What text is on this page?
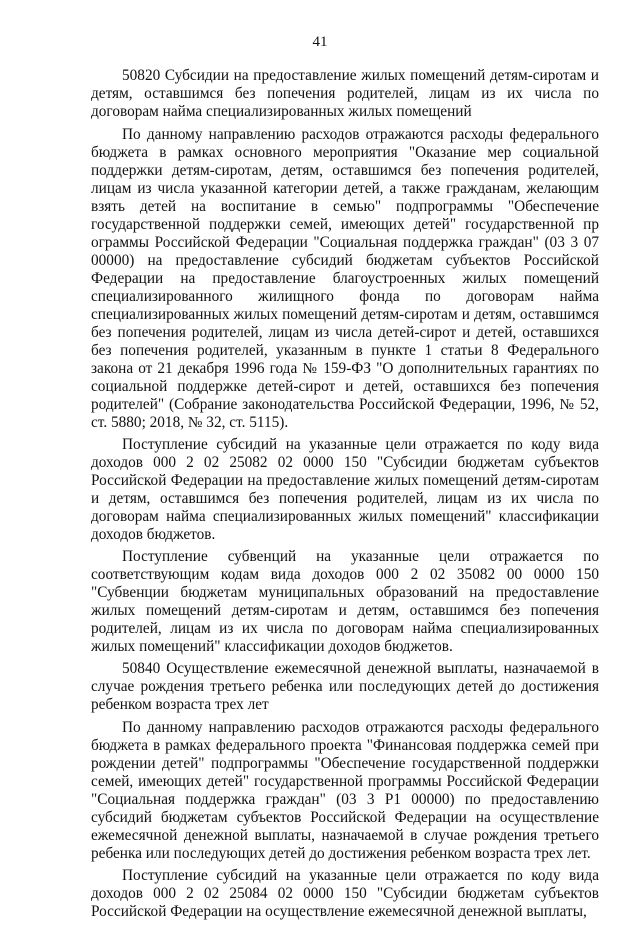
41

50820 Субсидии на предоставление жилых помещений детям-сиротам и детям, оставшимся без попечения родителей, лицам из их числа по договорам найма специализированных жилых помещений

По данному направлению расходов отражаются расходы федерального бюджета в рамках основного мероприятия "Оказание мер социальной поддержки детям-сиротам, детям, оставшимся без попечения родителей, лицам из числа указанной категории детей, а также гражданам, желающим взять детей на воспитание в семью" подпрограммы "Обеспечение государственной поддержки семей, имеющих детей" государственной пр огрaммы Российской Федерации "Социальная поддержка граждан" (03 3 07 00000) на предоставление субсидий бюджетам субъектов Российской Федерации на предоставление благоустроенных жилых помещений специализированного жилищного фонда по договорам найма специализированных жилых помещений детям-сиротам и детям, оставшимся без попечения родителей, лицам из числа детей-сирот и детей, оставшихся без попечения родителей, указанным в пункте 1 статьи 8 Федерального закона от 21 декабря 1996 года № 159-ФЗ "О дополнительных гарантиях по социальной поддержке детей-сирот и детей, оставшихся без попечения родителей" (Собрание законодательства Российской Федерации, 1996, № 52, ст. 5880; 2018, № 32, ст. 5115).

Поступление субсидий на указанные цели отражается по коду вида доходов 000 2 02 25082 02 0000 150 "Субсидии бюджетам субъектов Российской Федерации на предоставление жилых помещений детям-сиротам и детям, оставшимся без попечения родителей, лицам из их числа по договорам найма специализированных жилых помещений" классификации доходов бюджетов.

Поступление субвенций на указанные цели отражается по соответствующим кодам вида доходов 000 2 02 35082 00 0000 150 "Субвенции бюджетам муниципальных образований на предоставление жилых помещений детям-сиротам и детям, оставшимся без попечения родителей, лицам из их числа по договорам найма специализированных жилых помещений" классификации доходов бюджетов.

50840 Осуществление ежемесячной денежной выплаты, назначаемой в случае рождения третьего ребенка или последующих детей до достижения ребенком возраста трех лет

По данному направлению расходов отражаются расходы федерального бюджета в рамках федерального проекта "Финансовая поддержка семей при рождении детей" подпрограммы "Обеспечение государственной поддержки семей, имеющих детей" государственной программы Российской Федерации "Социальная поддержка граждан" (03 3 P1 00000) по предоставлению субсидий бюджетам субъектов Российской Федерации на осуществление ежемесячной денежной выплаты, назначаемой в случае рождения третьего ребенка или последующих детей до достижения ребенком возраста трех лет.

Поступление субсидий на указанные цели отражается по коду вида доходов 000 2 02 25084 02 0000 150 "Субсидии бюджетам субъектов Российской Федерации на осуществление ежемесячной денежной выплаты,
